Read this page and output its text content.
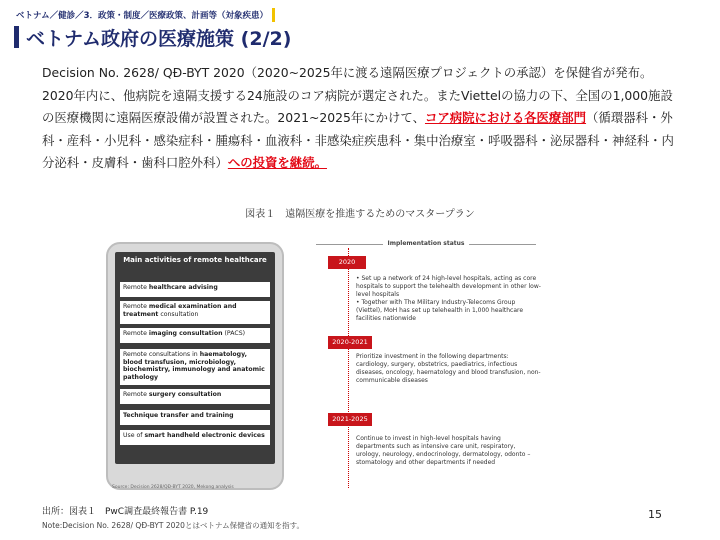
ベトナム／健診／3．政策・制度／医療政策、計画等（対象疾患）
ベトナム政府の医療施策 (2/2)
Decision No. 2628/ QĐ-BYT 2020（2020~2025年に渡る遠隔医療プロジェクトの承認）を保健省が発布。2020年内に、他病院を遠隔支援する24施設のコア病院が選定された。またViettelの協力の下、全国の1,000施設の医療機関に遠隔医療設備が設置された。2021~2025年にかけて、コア病院における各医療部門（循環器科・外科・産科・小児科・感染症科・腫瘍科・血液科・非感染症疾患科・集中治療室・呼吸器科・泌尿器科・神経科・内分泌科・皮膚科・歯科口腔外科）への投資を継続。
図表１　遠隔医療を推進するためのマスタープラン
Main activities of remote healthcare
Remote healthcare advising
Remote medical examination and treatment consultation
Remote imaging consultation (PACS)
Remote consultations in haematology, blood transfusion, microbiology, biochemistry, immunology and anatomic pathology
Remote surgery consultation
Technique transfer and training
Use of smart handheld electronic devices
Source: Decision 2628/QĐ-BYT 2020, Mekong analysis
Implementation status
2020
• Set up a network of 24 high-level hospitals, acting as core hospitals to support the telehealth development in other low-level hospitals
• Together with The Military Industry-Telecoms Group (Viettel), MoH has set up telehealth in 1,000 healthcare facilities nationwide
2020-2021
Prioritize investment in the following departments: cardiology, surgery, obstetrics, paediatrics, infectious diseases, oncology, haematology and blood transfusion, non-communicable diseases
2021-2025
Continue to invest in high-level hospitals having departments such as intensive care unit, respiratory, urology, neurology, endocrinology, dermatology, odonto – stomatology and other departments if needed
出所：図表１　PwC調査最終報告書 P.19
Note:Decision No. 2628/ QĐ-BYT 2020とはベトナム保健省の通知を指す。
15
